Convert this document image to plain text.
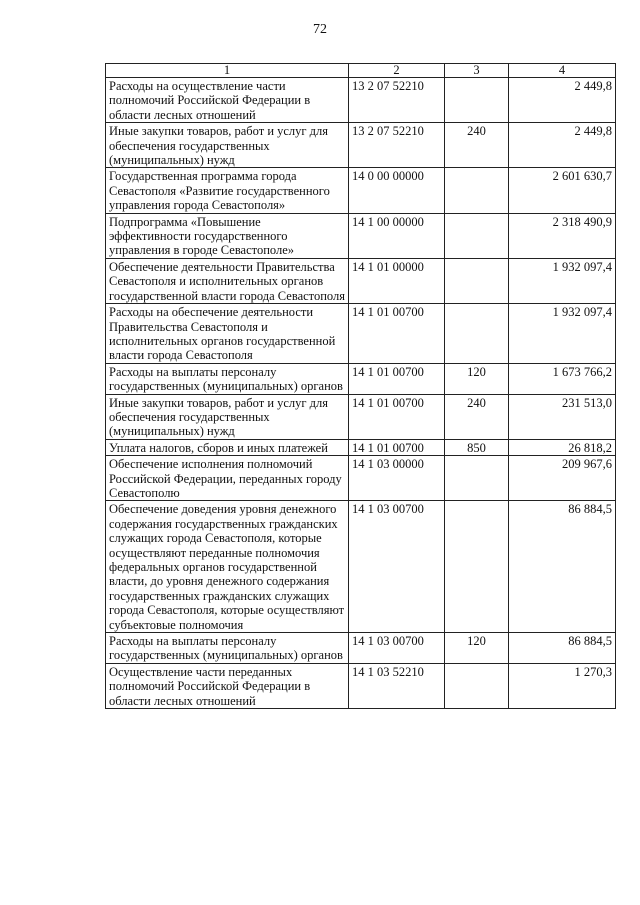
72
1	2	3	4
Расходы на осуществление части полномочий Российской Федерации в области лесных отношений	13 2 07 52210		2 449,8
Иные закупки товаров, работ и услуг для обеспечения государственных (муниципальных) нужд	13 2 07 52210	240	2 449,8
Государственная программа города Севастополя «Развитие государственного управления города Севастополя»	14 0 00 00000		2 601 630,7
Подпрограмма «Повышение эффективности государственного управления в городе Севастополе»	14 1 00 00000		2 318 490,9
Обеспечение деятельности Правительства Севастополя и исполнительных органов государственной власти города Севастополя	14 1 01 00000		1 932 097,4
Расходы на обеспечение деятельности Правительства Севастополя и исполнительных органов государственной власти города Севастополя	14 1 01 00700		1 932 097,4
Расходы на выплаты персоналу государственных (муниципальных) органов	14 1 01 00700	120	1 673 766,2
Иные закупки товаров, работ и услуг для обеспечения государственных (муниципальных) нужд	14 1 01 00700	240	231 513,0
Уплата налогов, сборов и иных платежей	14 1 01 00700	850	26 818,2
Обеспечение исполнения полномочий Российской Федерации, переданных городу Севастополю	14 1 03 00000		209 967,6
Обеспечение доведения уровня денежного содержания государственных гражданских служащих города Севастополя, которые осуществляют переданные полномочия федеральных органов государственной власти, до уровня денежного содержания государственных гражданских служащих города Севастополя, которые осуществляют субъектовые полномочия	14 1 03 00700		86 884,5
Расходы на выплаты персоналу государственных (муниципальных) органов	14 1 03 00700	120	86 884,5
Осуществление части переданных полномочий Российской Федерации в области лесных отношений	14 1 03 52210		1 270,3
